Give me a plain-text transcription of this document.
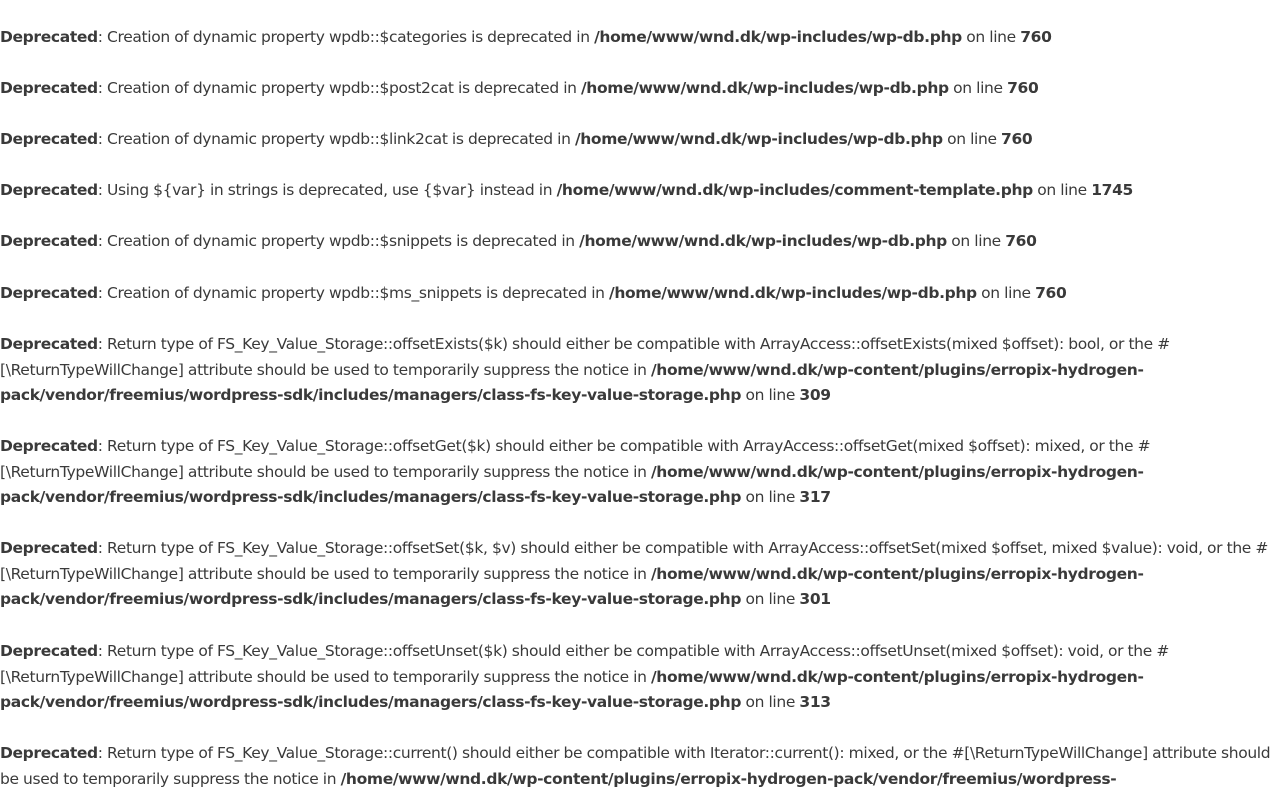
Deprecated: Creation of dynamic property wpdb::$categories is deprecated in /home/www/wnd.dk/wp-includes/wp-db.php on line 760

Deprecated: Creation of dynamic property wpdb::$post2cat is deprecated in /home/www/wnd.dk/wp-includes/wp-db.php on line 760

Deprecated: Creation of dynamic property wpdb::$link2cat is deprecated in /home/www/wnd.dk/wp-includes/wp-db.php on line 760

Deprecated: Using ${var} in strings is deprecated, use {$var} instead in /home/www/wnd.dk/wp-includes/comment-template.php on line 1745

Deprecated: Creation of dynamic property wpdb::$snippets is deprecated in /home/www/wnd.dk/wp-includes/wp-db.php on line 760

Deprecated: Creation of dynamic property wpdb::$ms_snippets is deprecated in /home/www/wnd.dk/wp-includes/wp-db.php on line 760

Deprecated: Return type of FS_Key_Value_Storage::offsetExists($k) should either be compatible with ArrayAccess::offsetExists(mixed $offset): bool, or the #[\ReturnTypeWillChange] attribute should be used to temporarily suppress the notice in /home/www/wnd.dk/wp-content/plugins/erropix-hydrogen-pack/vendor/freemius/wordpress-sdk/includes/managers/class-fs-key-value-storage.php on line 309

Deprecated: Return type of FS_Key_Value_Storage::offsetGet($k) should either be compatible with ArrayAccess::offsetGet(mixed $offset): mixed, or the #[\ReturnTypeWillChange] attribute should be used to temporarily suppress the notice in /home/www/wnd.dk/wp-content/plugins/erropix-hydrogen-pack/vendor/freemius/wordpress-sdk/includes/managers/class-fs-key-value-storage.php on line 317

Deprecated: Return type of FS_Key_Value_Storage::offsetSet($k, $v) should either be compatible with ArrayAccess::offsetSet(mixed $offset, mixed $value): void, or the #[\ReturnTypeWillChange] attribute should be used to temporarily suppress the notice in /home/www/wnd.dk/wp-content/plugins/erropix-hydrogen-pack/vendor/freemius/wordpress-sdk/includes/managers/class-fs-key-value-storage.php on line 301

Deprecated: Return type of FS_Key_Value_Storage::offsetUnset($k) should either be compatible with ArrayAccess::offsetUnset(mixed $offset): void, or the #[\ReturnTypeWillChange] attribute should be used to temporarily suppress the notice in /home/www/wnd.dk/wp-content/plugins/erropix-hydrogen-pack/vendor/freemius/wordpress-sdk/includes/managers/class-fs-key-value-storage.php on line 313

Deprecated: Return type of FS_Key_Value_Storage::current() should either be compatible with Iterator::current(): mixed, or the #[\ReturnTypeWillChange] attribute should be used to temporarily suppress the notice in /home/www/wnd.dk/wp-content/plugins/erropix-hydrogen-pack/vendor/freemius/wordpress-
